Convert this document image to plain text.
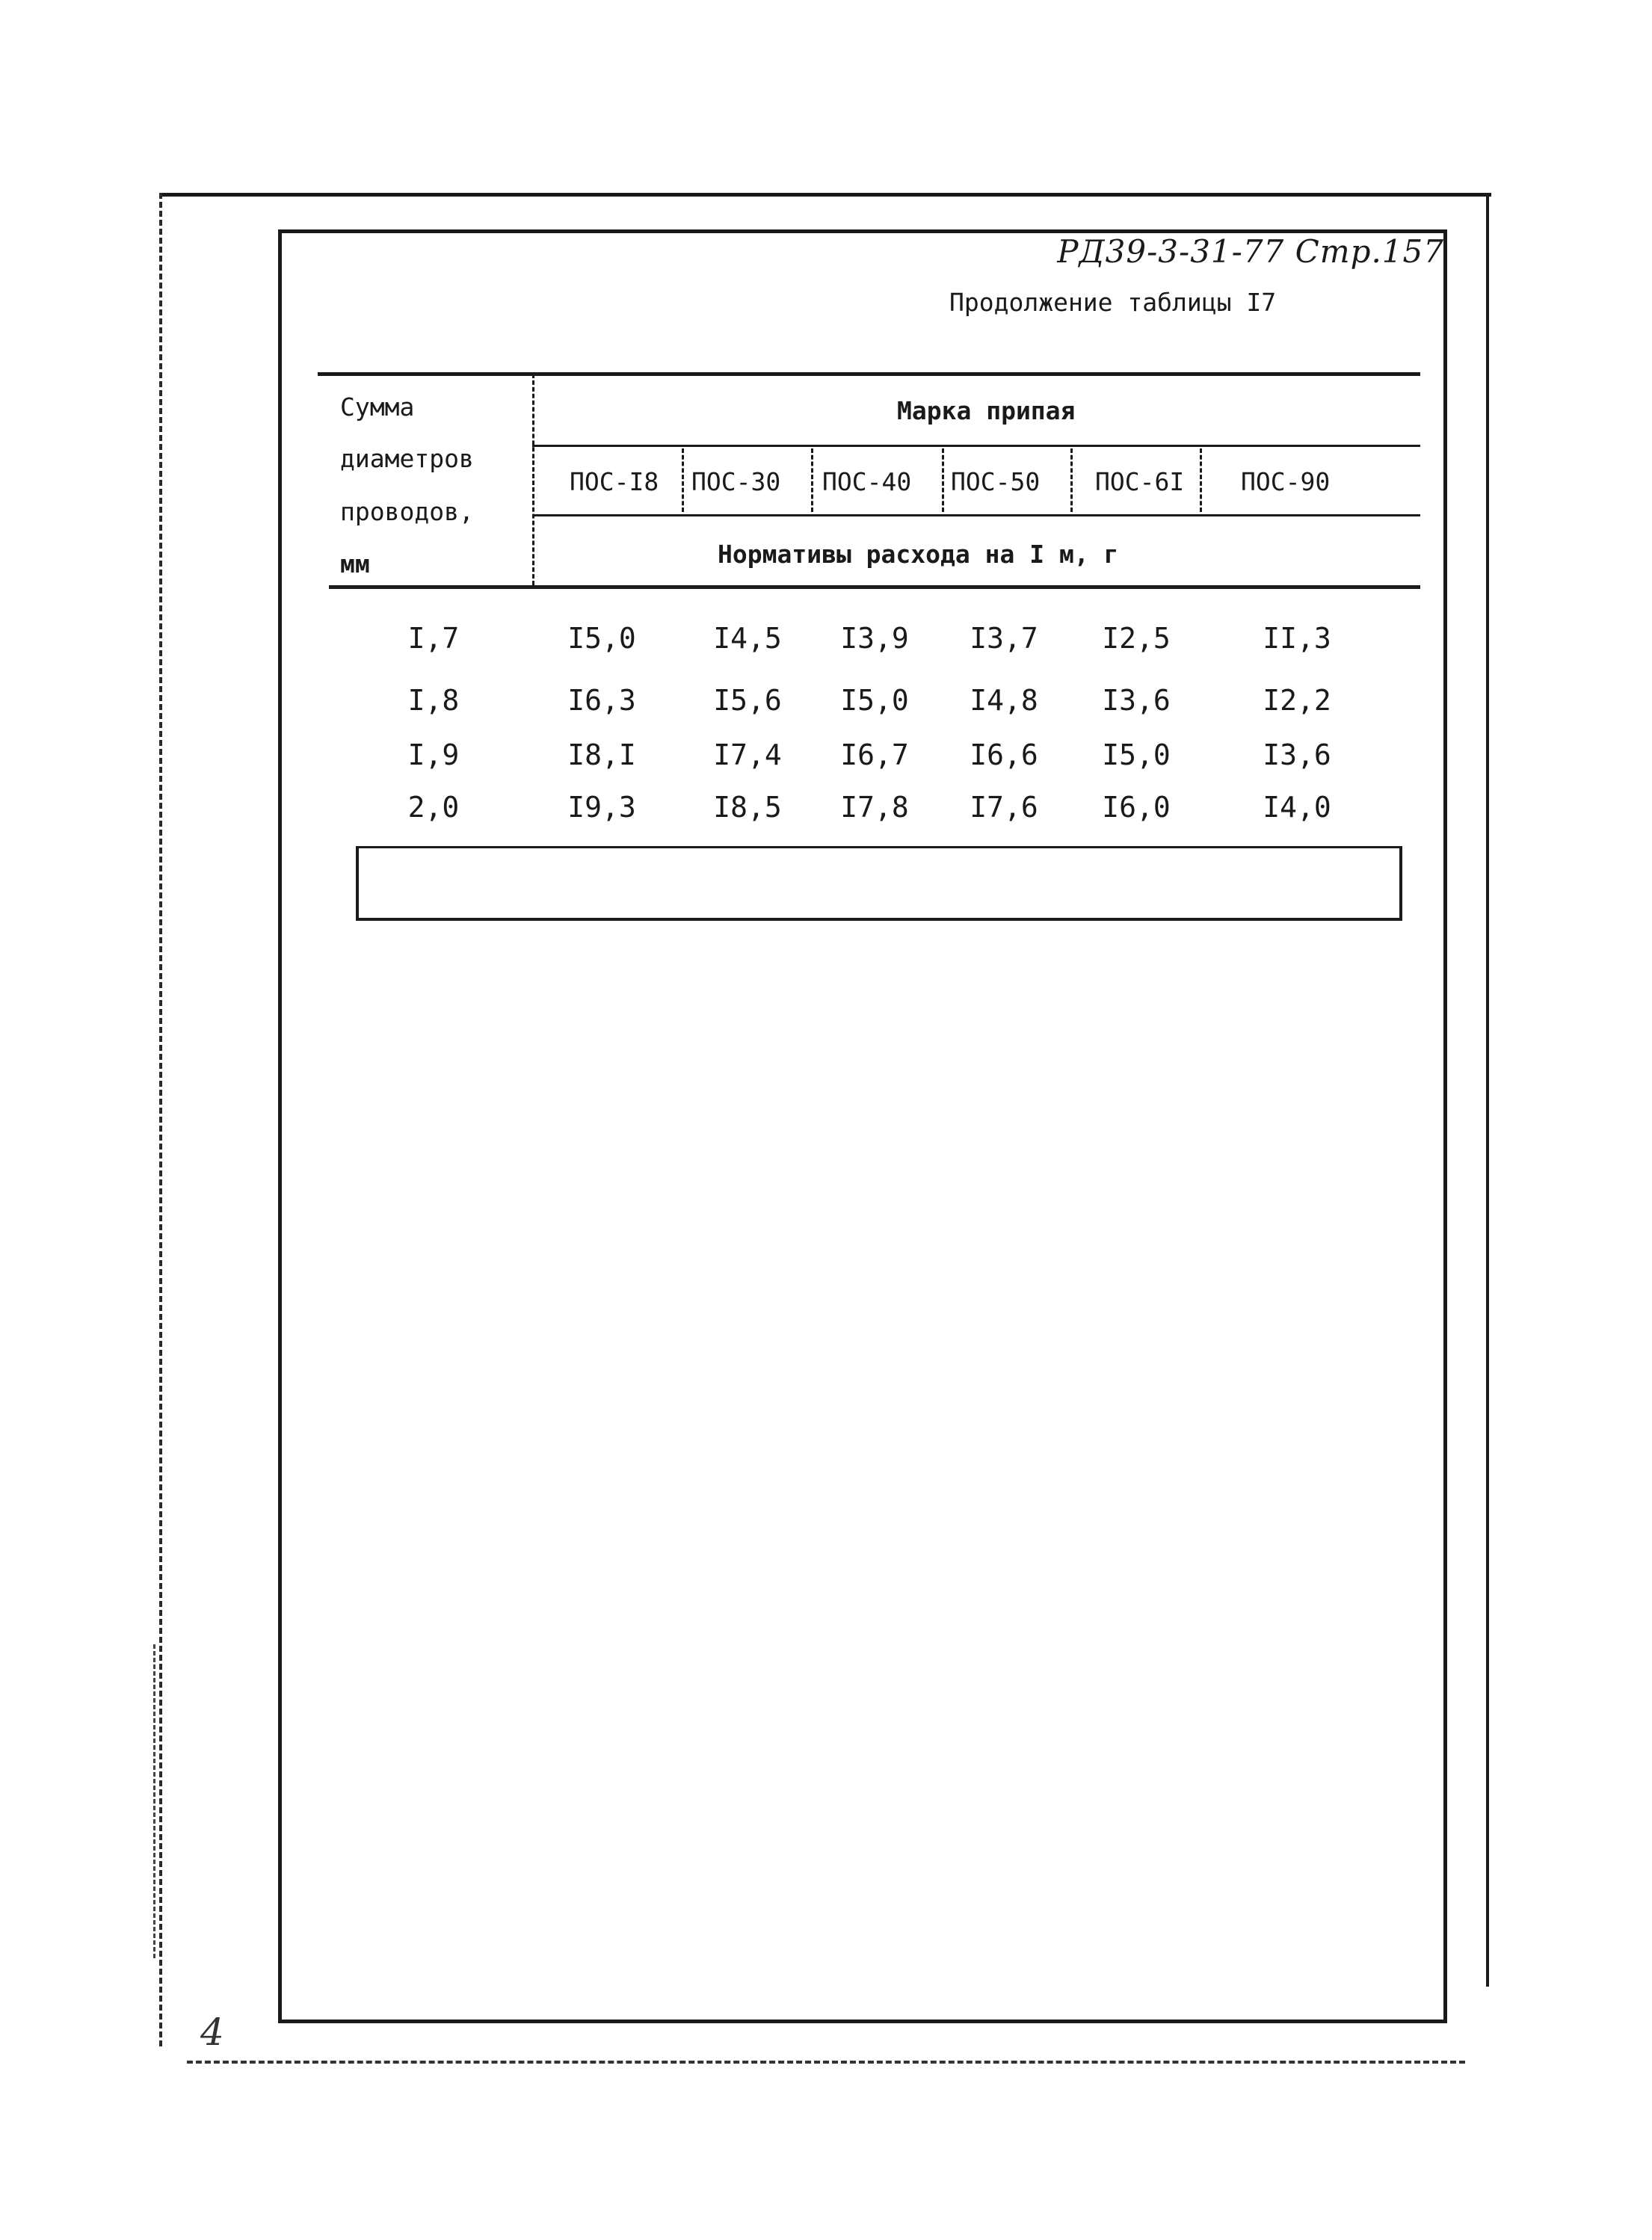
РД39-3-31-77 Стр.157
Продолжение таблицы I7
4
Сумма
диаметров
проводов,
мм
Марка припая
Нормативы расхода на I м, г
ПОС-I8 ПОС-30 ПОС-40 ПОС-50 ПОС-6I ПОС-90
I,7	I5,0	I4,5	I3,9	I3,7	I2,5	II,3
I,8	I6,3	I5,6	I5,0	I4,8	I3,6	I2,2
I,9	I8,I	I7,4	I6,7	I6,6	I5,0	I3,6
2,0	I9,3	I8,5	I7,8	I7,6	I6,0	I4,0
